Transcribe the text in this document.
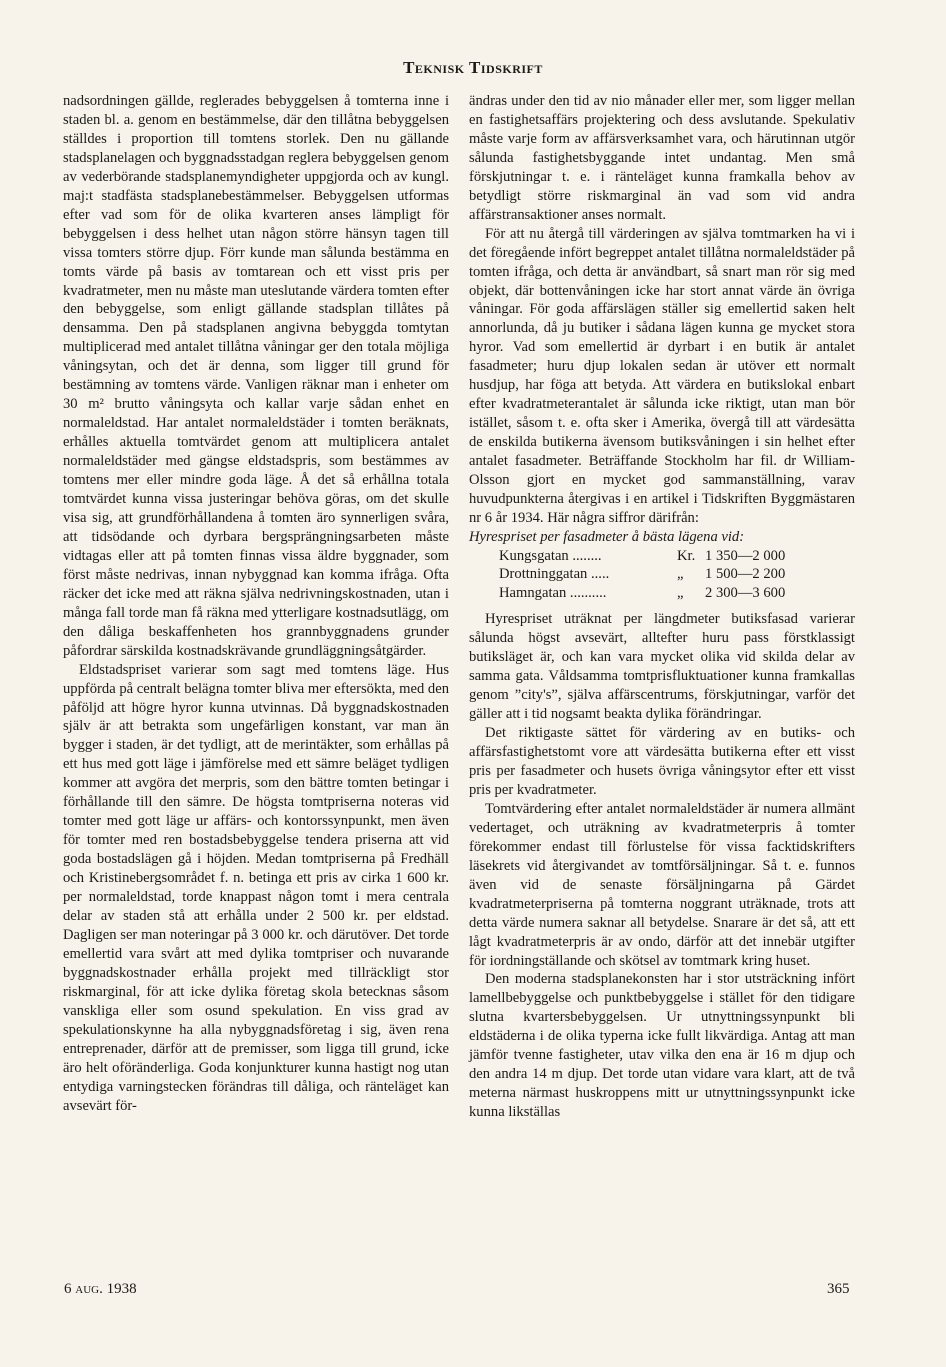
Teknisk Tidskrift

nadsordningen gällde, reglerades bebyggelsen å tomterna inne i staden bl. a. genom en bestämmelse, där den tillåtna bebyggelsen ställdes i proportion till tomtens storlek. Den nu gällande stadsplanelagen och byggnadsstadgan reglera bebyggelsen genom av vederbörande stadsplanemyndigheter uppgjorda och av kungl. maj:t stadfästa stadsplanebestämmelser. Bebyggelsen utformas efter vad som för de olika kvarteren anses lämpligt för bebyggelsen i dess helhet utan någon större hänsyn tagen till vissa tomters större djup. Förr kunde man sålunda bestämma en tomts värde på basis av tomtarean och ett visst pris per kvadratmeter, men nu måste man uteslutande värdera tomten efter den bebyggelse, som enligt gällande stadsplan tillåtes på densamma. Den på stadsplanen angivna bebyggda tomtytan multiplicerad med antalet tillåtna våningar ger den totala möjliga våningsytan, och det är denna, som ligger till grund för bestämning av tomtens värde. Vanligen räknar man i enheter om 30 m² brutto våningsyta och kallar varje sådan enhet en normaleldstad. Har antalet normaleldstäder i tomten beräknats, erhålles aktuella tomtvärdet genom att multiplicera antalet normaleldstäder med gängse eldstadspris, som bestämmes av tomtens mer eller mindre goda läge. Å det så erhållna totala tomtvärdet kunna vissa justeringar behöva göras, om det skulle visa sig, att grundförhållandena å tomten äro synnerligen svåra, att tidsödande och dyrbara bergsprängningsarbeten måste vidtagas eller att på tomten finnas vissa äldre byggnader, som först måste nedrivas, innan nybyggnad kan komma ifråga. Ofta räcker det icke med att räkna själva nedrivningskostnaden, utan i många fall torde man få räkna med ytterligare kostnadsutlägg, om den dåliga beskaffenheten hos grannbyggnadens grunder påfordrar särskilda kostnadskrävande grundläggningsåtgärder.

Eldstadspriset varierar som sagt med tomtens läge. Hus uppförda på centralt belägna tomter bliva mer eftersökta, med den påföljd att högre hyror kunna utvinnas. Då byggnadskostnaden själv är att betrakta som ungefärligen konstant, var man än bygger i staden, är det tydligt, att de merintäkter, som erhållas på ett hus med gott läge i jämförelse med ett sämre beläget tydligen kommer att avgöra det merpris, som den bättre tomten betingar i förhållande till den sämre. De högsta tomtpriserna noteras vid tomter med gott läge ur affärs- och kontorssynpunkt, men även för tomter med ren bostadsbebyggelse tendera priserna att vid goda bostadslägen gå i höjden. Medan tomtpriserna på Fredhäll och Kristinebergsområdet f. n. betinga ett pris av cirka 1 600 kr. per normaleldstad, torde knappast någon tomt i mera centrala delar av staden stå att erhålla under 2 500 kr. per eldstad. Dagligen ser man noteringar på 3 000 kr. och därutöver. Det torde emellertid vara svårt att med dylika tomtpriser och nuvarande byggnadskostnader erhålla projekt med tillräckligt stor riskmarginal, för att icke dylika företag skola betecknas såsom vanskliga eller som osund spekulation. En viss grad av spekulationskynne ha alla nybyggnadsföretag i sig, även rena entreprenader, därför att de premisser, som ligga till grund, icke äro helt oföränderliga. Goda konjunkturer kunna hastigt nog utan entydiga varningstecken förändras till dåliga, och ränteläget kan avsevärt för-

ändras under den tid av nio månader eller mer, som ligger mellan en fastighetsaffärs projektering och dess avslutande. Spekulativ måste varje form av affärsverksamhet vara, och härutinnan utgör sålunda fastighetsbyggande intet undantag. Men små förskjutningar t. e. i ränteläget kunna framkalla behov av betydligt större riskmarginal än vad som vid andra affärstransaktioner anses normalt.

För att nu återgå till värderingen av själva tomtmarken ha vi i det föregående infört begreppet antalet tillåtna normaleldstäder på tomten ifråga, och detta är användbart, så snart man rör sig med objekt, där bottenvåningen icke har stort annat värde än övriga våningar. För goda affärslägen ställer sig emellertid saken helt annorlunda, då ju butiker i sådana lägen kunna ge mycket stora hyror. Vad som emellertid är dyrbart i en butik är antalet fasadmeter; huru djup lokalen sedan är utöver ett normalt husdjup, har föga att betyda. Att värdera en butikslokal enbart efter kvadratmeterantalet är sålunda icke riktigt, utan man bör istället, såsom t. e. ofta sker i Amerika, övergå till att värdesätta de enskilda butikerna ävensom butiksvåningen i sin helhet efter antalet fasadmeter. Beträffande Stockholm har fil. dr William-Olsson gjort en mycket god sammanställning, varav huvudpunkterna återgivas i en artikel i Tidskriften Byggmästaren nr 6 år 1934. Här några siffror därifrån:

Hyrespriset per fasadmeter å bästa lägena vid:

Kungsgatan ........	Kr.	1 350—2 000
Drottninggatan .....	„	1 500—2 200
Hamngatan ..........	„	2 300—3 600

Hyrespriset uträknat per längdmeter butiksfasad varierar sålunda högst avsevärt, alltefter huru pass förstklassigt butiksläget är, och kan vara mycket olika vid skilda delar av samma gata. Våldsamma tomtprisfluktuationer kunna framkallas genom ”city's”, själva affärscentrums, förskjutningar, varför det gäller att i tid nogsamt beakta dylika förändringar.

Det riktigaste sättet för värdering av en butiks- och affärsfastighetstomt vore att värdesätta butikerna efter ett visst pris per fasadmeter och husets övriga våningsytor efter ett visst pris per kvadratmeter.

Tomtvärdering efter antalet normaleldstäder är numera allmänt vedertaget, och uträkning av kvadratmeterpris å tomter förekommer endast till förlustelse för vissa facktidskrifters läsekrets vid återgivandet av tomtförsäljningar. Så t. e. funnos även vid de senaste försäljningarna på Gärdet kvadratmeterpriserna på tomterna noggrant uträknade, trots att detta värde numera saknar all betydelse. Snarare är det så, att ett lågt kvadratmeterpris är av ondo, därför att det innebär utgifter för iordningställande och skötsel av tomtmark kring huset.

Den moderna stadsplanekonsten har i stor utsträckning infört lamellbebyggelse och punktbebyggelse i stället för den tidigare slutna kvartersbebyggelsen. Ur utnyttningssynpunkt bli eldstäderna i de olika typerna icke fullt likvärdiga. Antag att man jämför tvenne fastigheter, utav vilka den ena är 16 m djup och den andra 14 m djup. Det torde utan vidare vara klart, att de två meterna närmast huskroppens mitt ur utnyttningssynpunkt icke kunna likställas

6 aug. 1938	365
